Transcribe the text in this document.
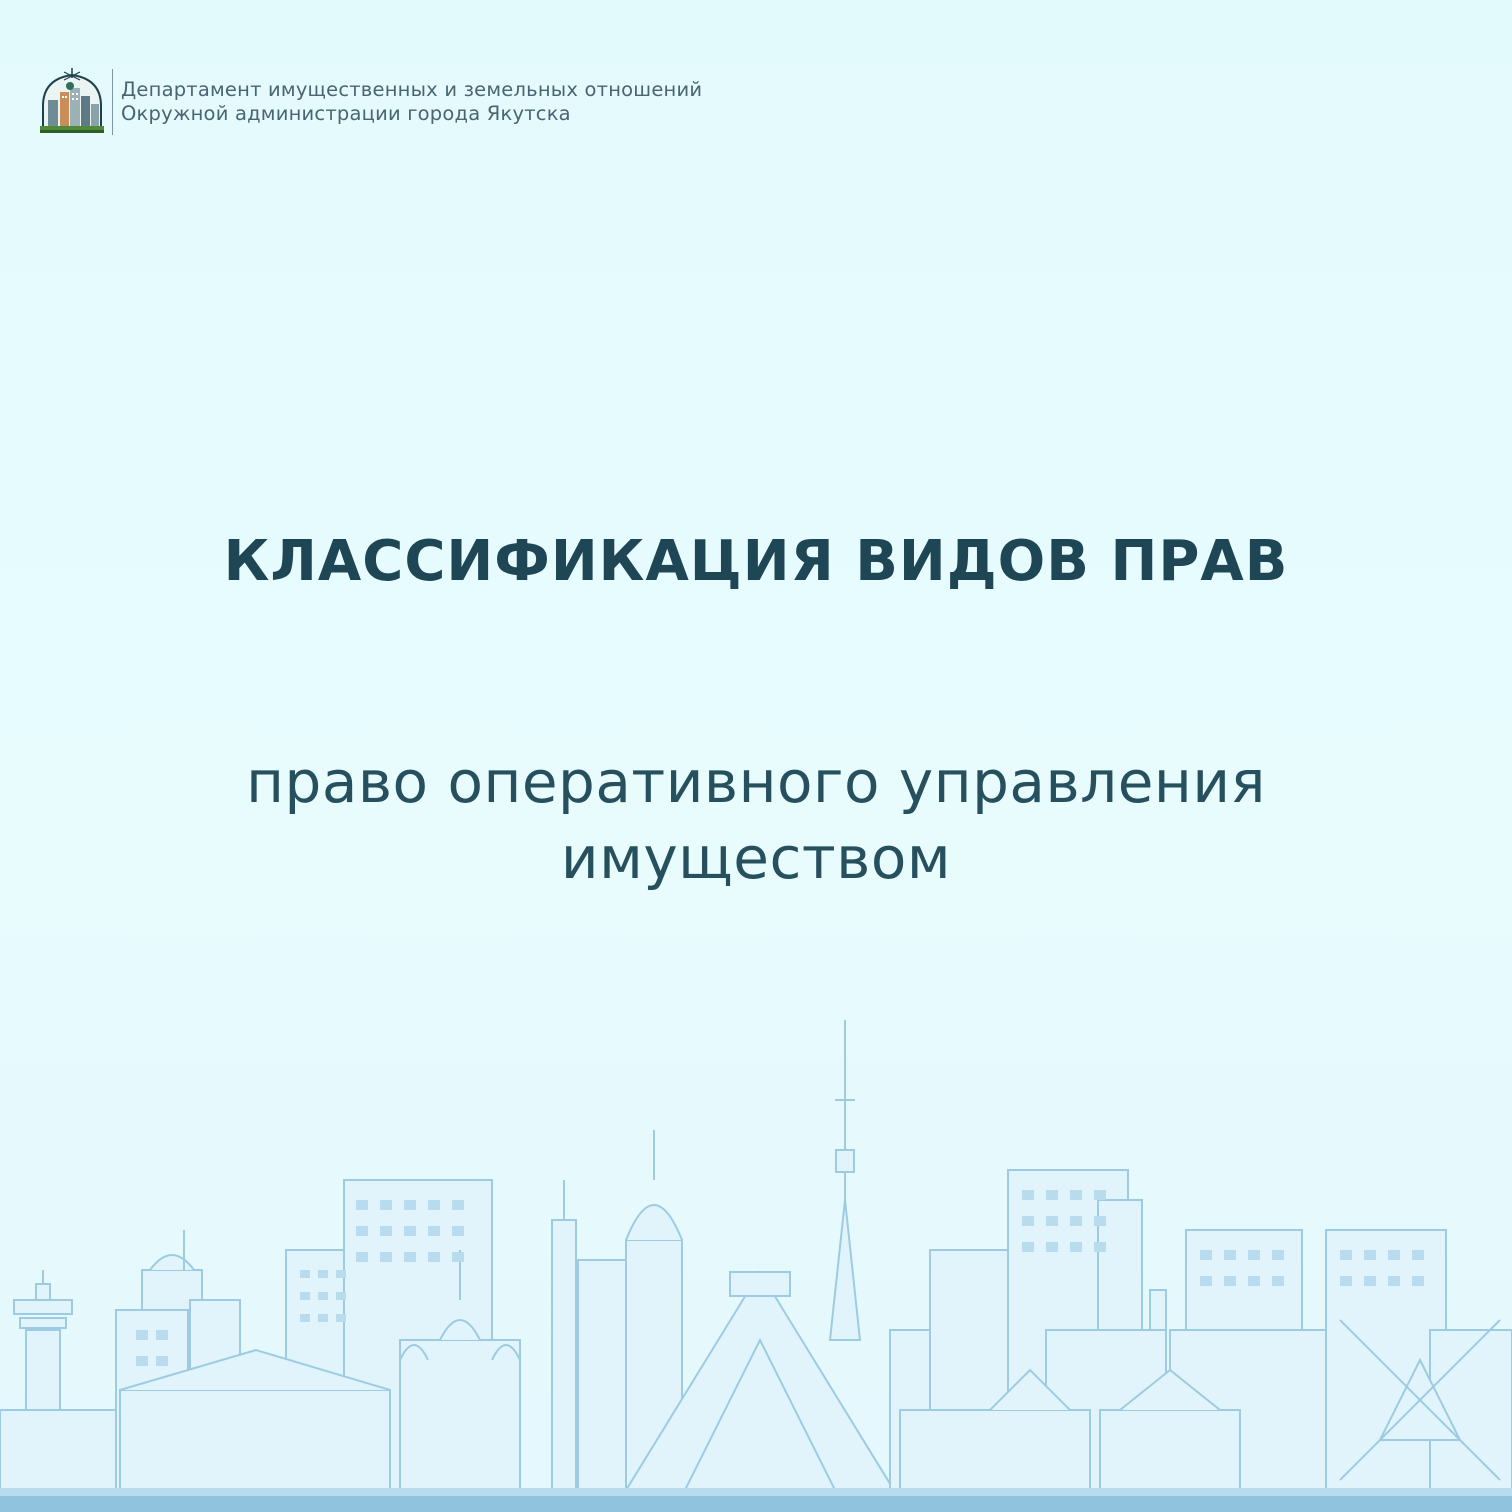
Департамент имущественных и земельных отношений
Окружной администрации города Якутска
КЛАССИФИКАЦИЯ ВИДОВ ПРАВ
право оперативного управления
имуществом
